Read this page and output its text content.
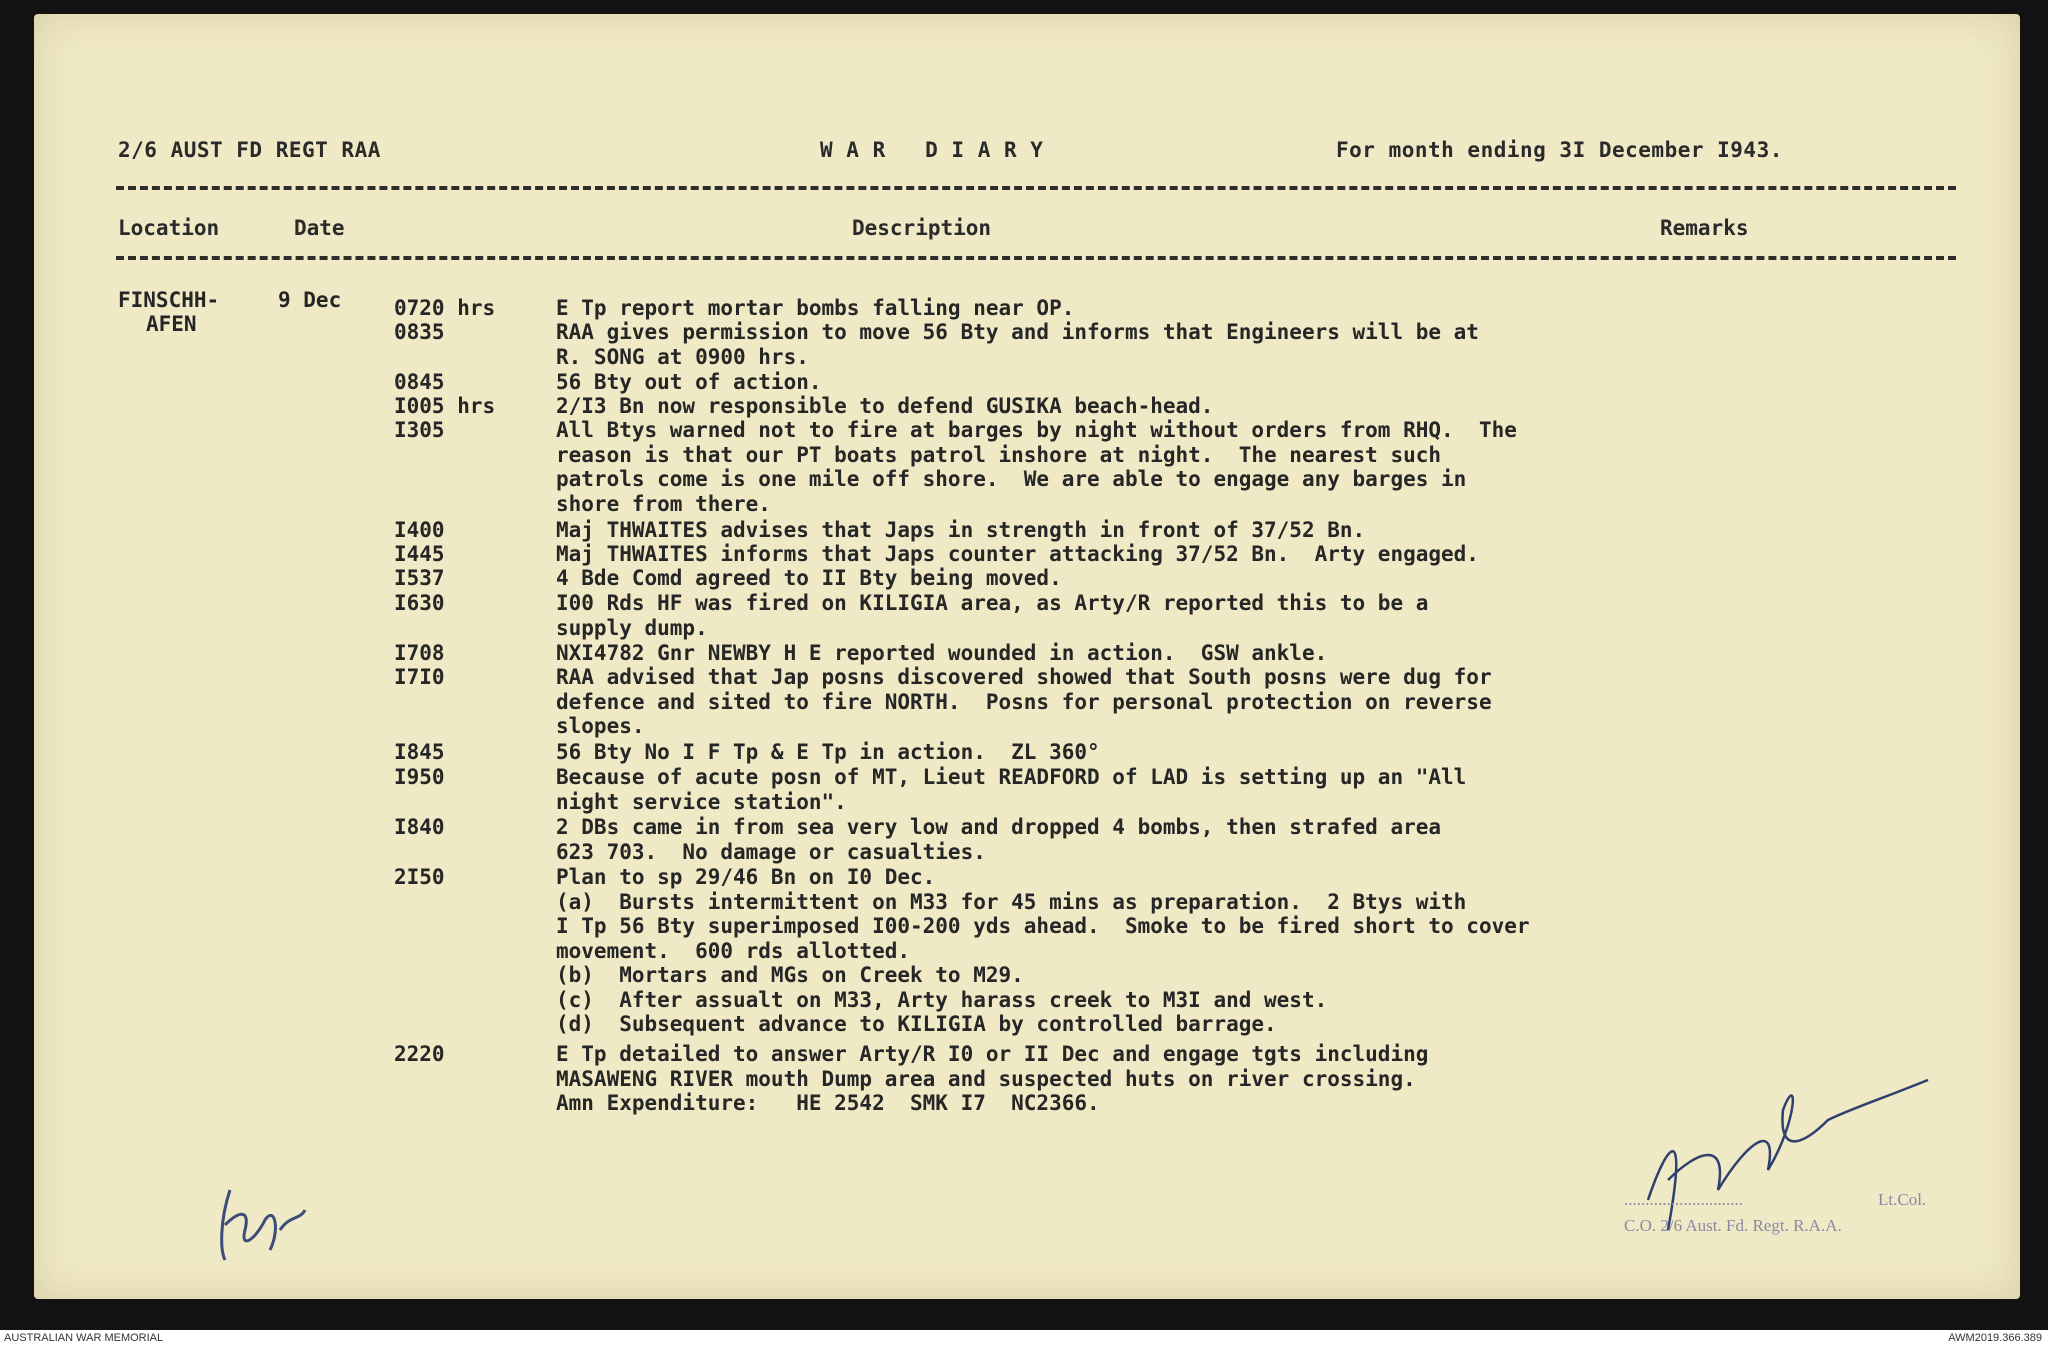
2/6 AUST FD REGT RAA	W A R   D I A R Y	For month ending 3I December I943.
Location	Date	Description	Remarks
FINSCHH-
AFEN
9 Dec	0720 hrs	E Tp report mortar bombs falling near OP.
0835	RAA gives permission to move 56 Bty and informs that Engineers will be at
R. SONG at 0900 hrs.
0845	56 Bty out of action.
I005 hrs	2/I3 Bn now responsible to defend GUSIKA beach-head.
I305	All Btys warned not to fire at barges by night without orders from RHQ.  The
reason is that our PT boats patrol inshore at night.  The nearest such
patrols come is one mile off shore.  We are able to engage any barges in
shore from there.
I400	Maj THWAITES advises that Japs in strength in front of 37/52 Bn.
I445	Maj THWAITES informs that Japs counter attacking 37/52 Bn.  Arty engaged.
I537	4 Bde Comd agreed to II Bty being moved.
I630	I00 Rds HF was fired on KILIGIA area, as Arty/R reported this to be a
supply dump.
I708	NXI4782 Gnr NEWBY H E reported wounded in action.  GSW ankle.
I7I0	RAA advised that Jap posns discovered showed that South posns were dug for
defence and sited to fire NORTH.  Posns for personal protection on reverse
slopes.
I845	56 Bty No I F Tp & E Tp in action.  ZL 360°
I950	Because of acute posn of MT, Lieut READFORD of LAD is setting up an "All
night service station".
I840	2 DBs came in from sea very low and dropped 4 bombs, then strafed area
623 703.  No damage or casualties.
2I50	Plan to sp 29/46 Bn on I0 Dec.
(a)  Bursts intermittent on M33 for 45 mins as preparation.  2 Btys with
I Tp 56 Bty superimposed I00-200 yds ahead.  Smoke to be fired short to cover
movement.  600 rds allotted.
(b)  Mortars and MGs on Creek to M29.
(c)  After assualt on M33, Arty harass creek to M3I and west.
(d)  Subsequent advance to KILIGIA by controlled barrage.
2220	E Tp detailed to answer Arty/R I0 or II Dec and engage tgts including
MASAWENG RIVER mouth Dump area and suspected huts on river crossing.
Amn Expenditure:   HE 2542  SMK I7  NC2366.
............................	Lt.Col.
C.O. 2/6 Aust. Fd. Regt. R.A.A.
AUSTRALIAN WAR MEMORIAL	AWM2019.366.389
